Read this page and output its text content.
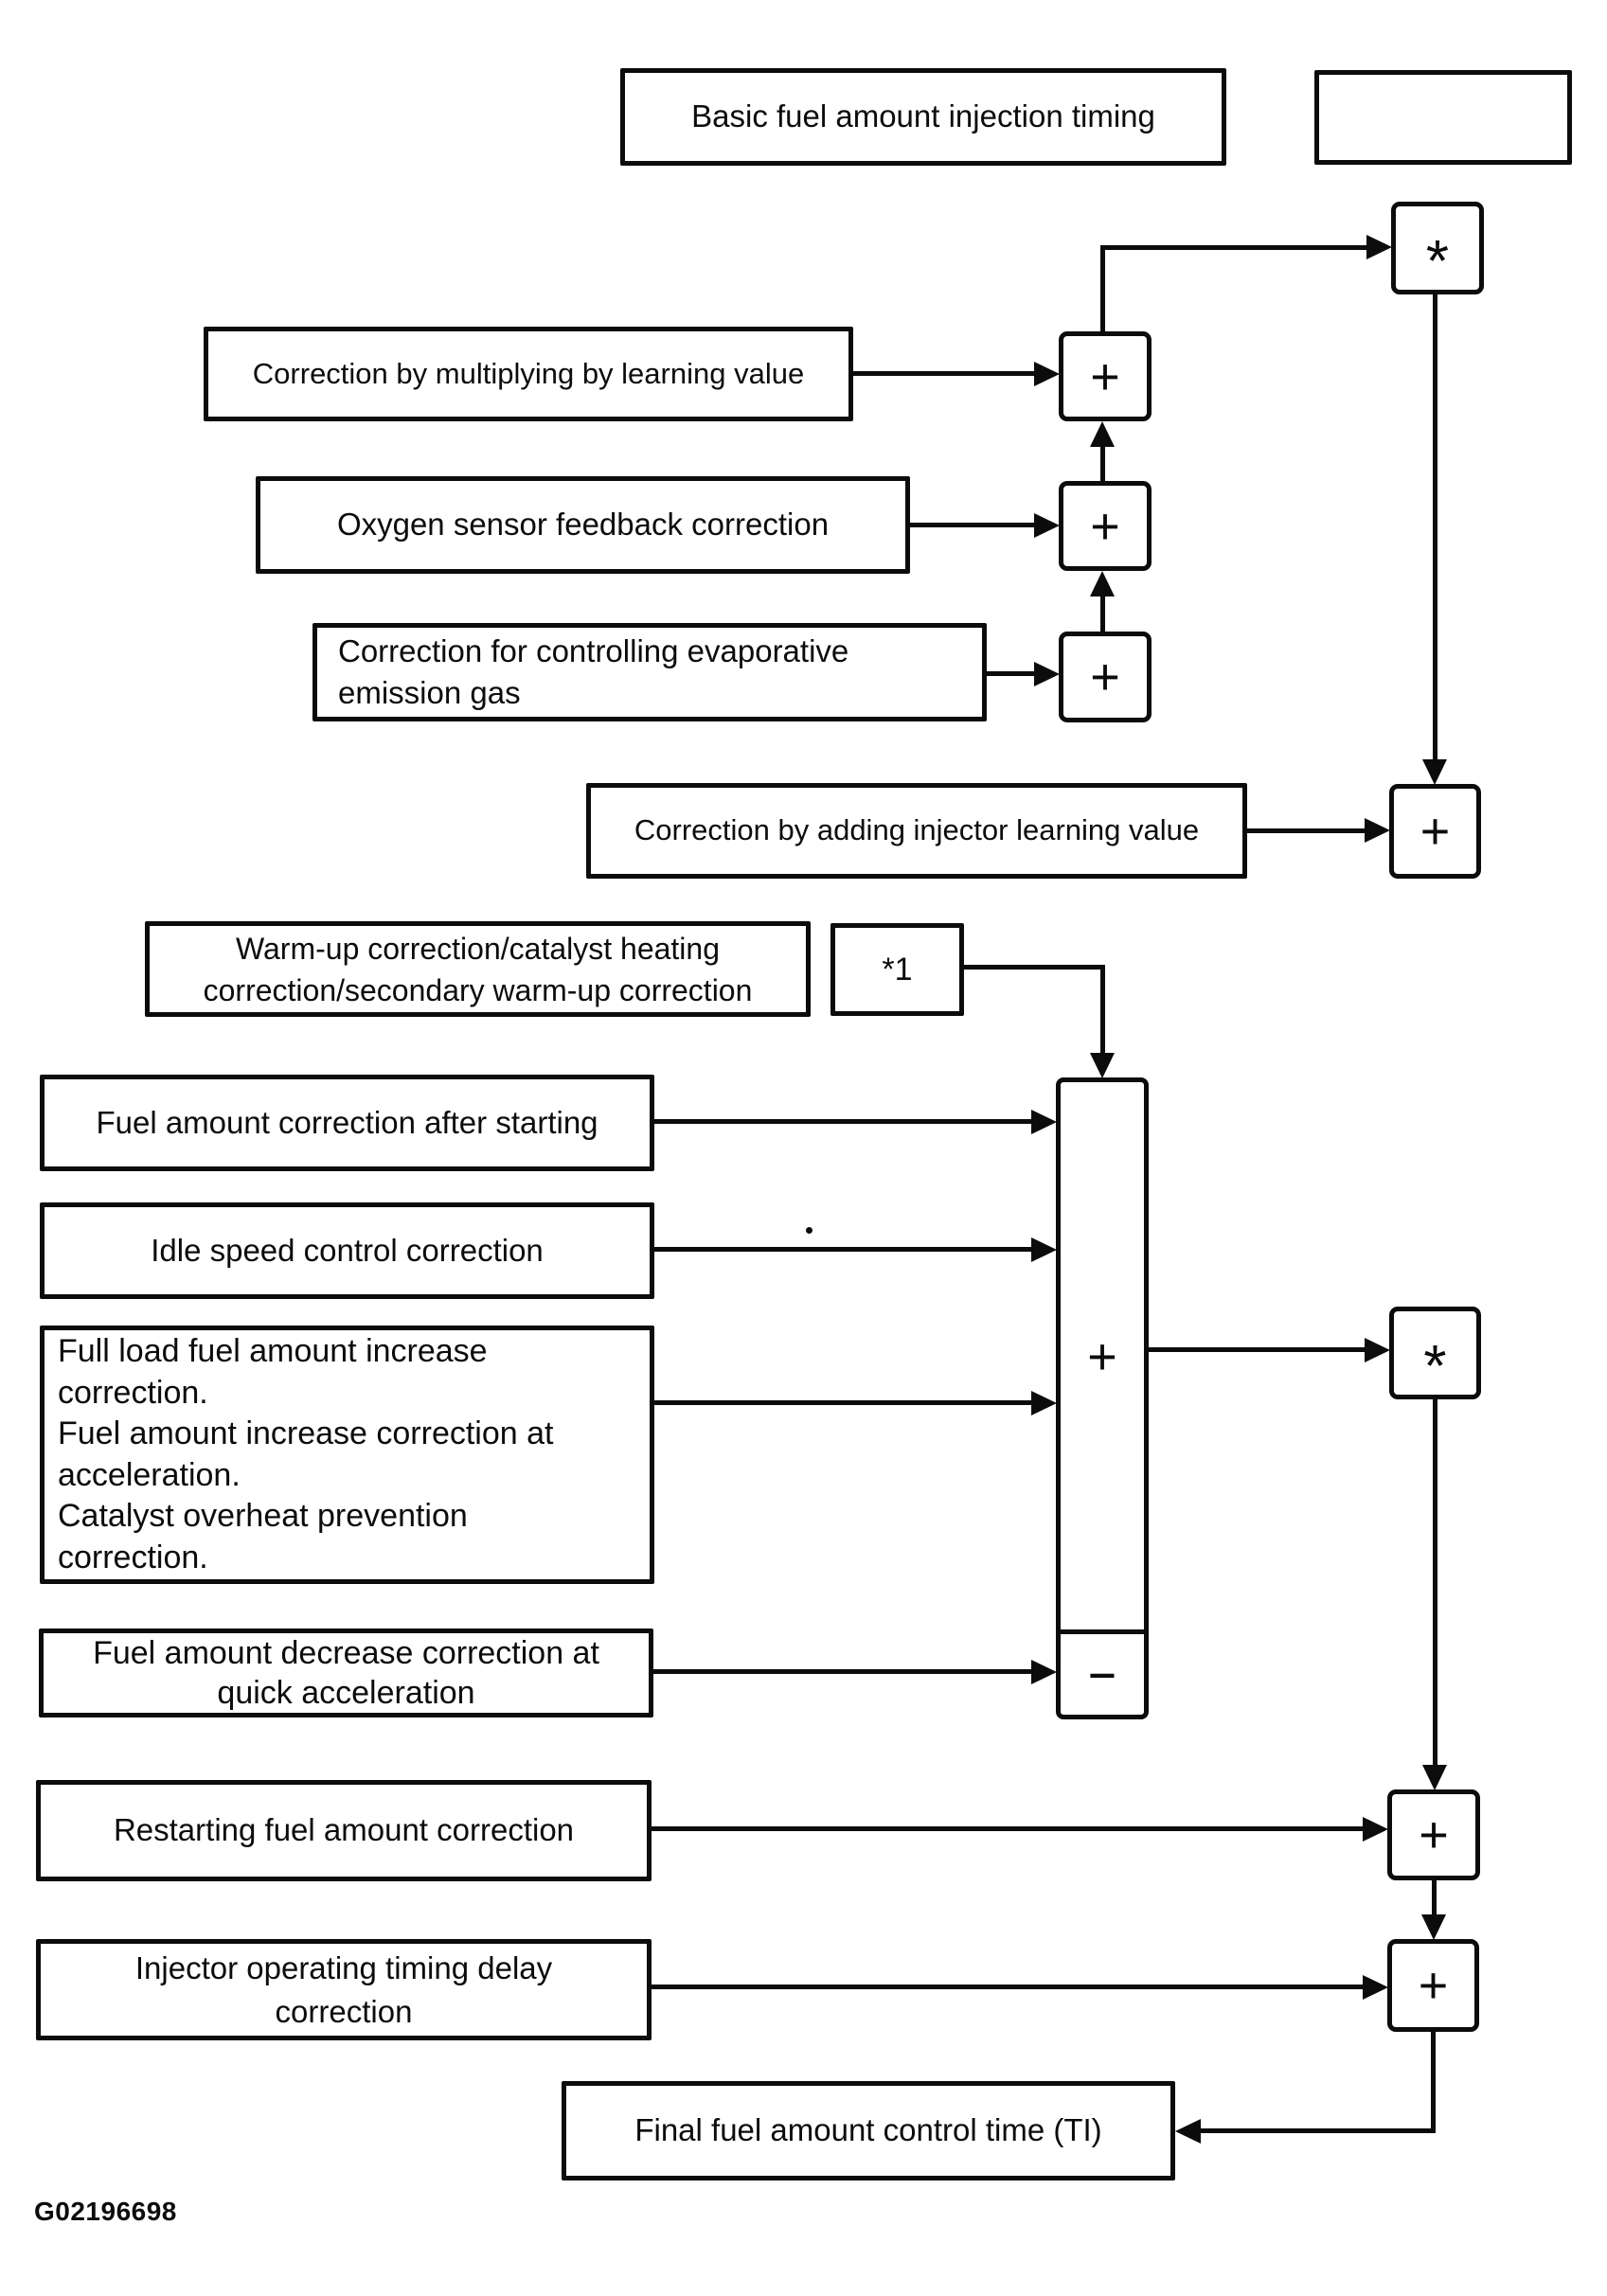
Basic fuel amount injection timing
*
Correction by multiplying by learning value	+
Oxygen sensor feedback correction	+
Correction for controlling evaporative
emission gas	+
Correction by adding injector learning value	+
Warm-up correction/catalyst heating
correction/secondary warm-up correction
*1
+
-
Fuel amount correction after starting
Idle speed control correction
Full load fuel amount increase
correction.
Fuel amount increase correction at
acceleration.
Catalyst overheat prevention
correction.
Fuel amount decrease correction at
quick acceleration
*
Restarting fuel amount correction	+
Injector operating timing delay
correction	+
Final fuel amount control time (TI)
G02196698
